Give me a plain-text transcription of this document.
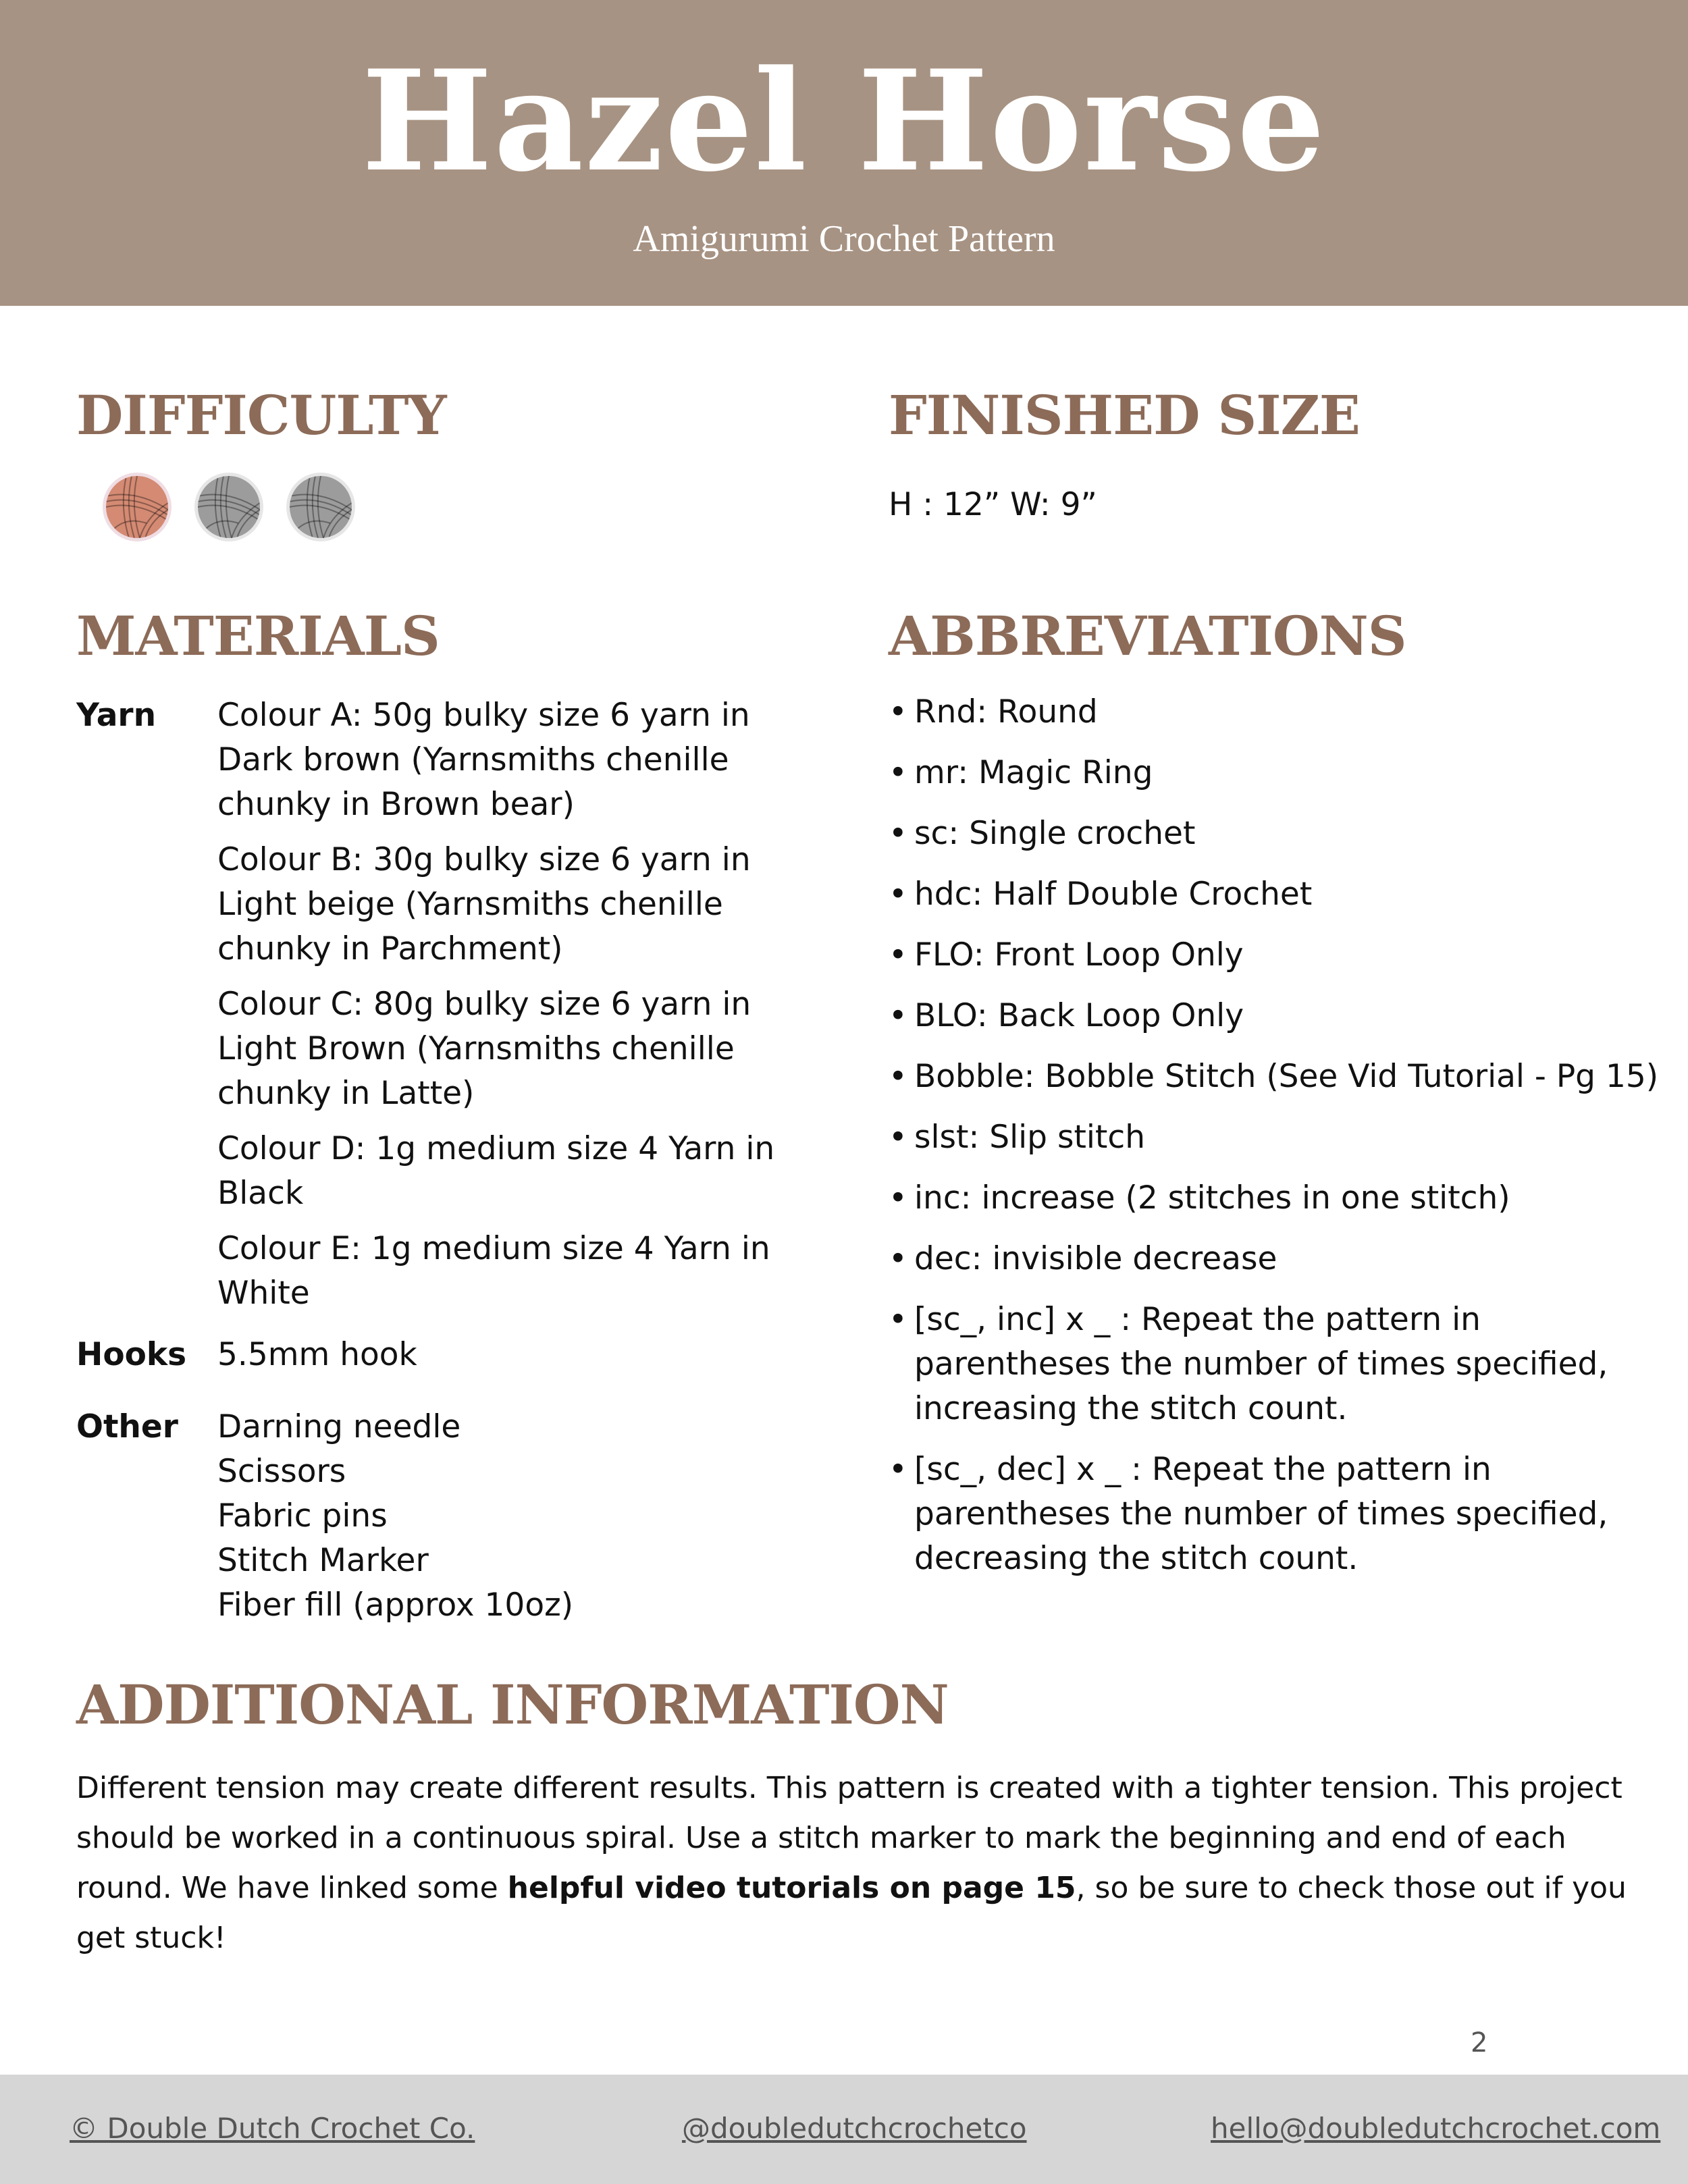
Hazel Horse
Amigurumi Crochet Pattern
DIFFICULTY	FINISHED SIZE
H : 12” W: 9”
MATERIALS
Yarn Colour A: 50g bulky size 6 yarn in Dark brown (Yarnsmiths chenille chunky in Brown bear)

Colour B: 30g bulky size 6 yarn in Light beige (Yarnsmiths chenille chunky in Parchment)

Colour C: 80g bulky size 6 yarn in Light Brown (Yarnsmiths chenille chunky in Latte)

Colour D: 1g medium size 4 Yarn in Black

Colour E: 1g medium size 4 Yarn in White

Hooks 5.5mm hook
Other Darning needle
Scissors
Fabric pins
Stitch Marker
Fiber fill (approx 10oz)
ABBREVIATIONS
• Rnd: Round
• mr: Magic Ring
• sc: Single crochet
• hdc: Half Double Crochet
• FLO: Front Loop Only
• BLO: Back Loop Only
• Bobble: Bobble Stitch (See Vid Tutorial - Pg 15)
• slst: Slip stitch
• inc: increase (2 stitches in one stitch)
• dec: invisible decrease
• [sc_, inc] x _ : Repeat the pattern in parentheses the number of times specified, increasing the stitch count.
• [sc_, dec] x _ : Repeat the pattern in parentheses the number of times specified, decreasing the stitch count.
ADDITIONAL INFORMATION
Different tension may create different results. This pattern is created with a tighter tension. This project should be worked in a continuous spiral. Use a stitch marker to mark the beginning and end of each round. We have linked some helpful video tutorials on page 15, so be sure to check those out if you get stuck!
2
© Double Dutch Crochet Co.	@doubledutchcrochetco	hello@doubledutchcrochet.com
